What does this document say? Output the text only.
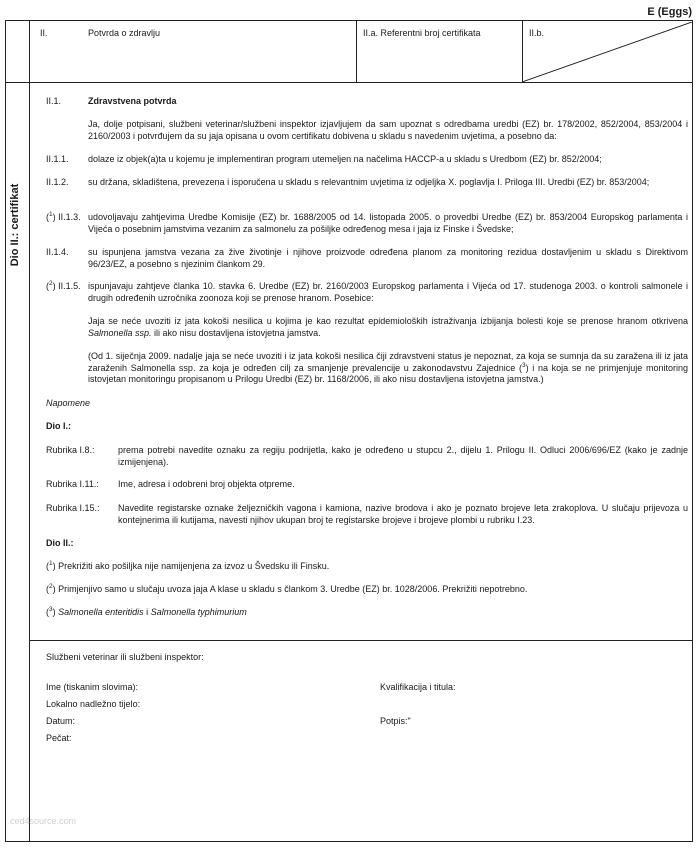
E (Eggs)
Dio II.: certifikat
II.	Potvrda o zdravlju	II.a. Referentni broj certifikata	II.b.
II.1.	Zdravstvena potvrda
Ja, dolje potpisani, službeni veterinar/službeni inspektor izjavljujem da sam upoznat s odredbama uredbi (EZ) br. 178/2002, 852/2004, 853/2004 i 2160/2003 i potvrđujem da su jaja opisana u ovom certifikatu dobivena u skladu s navedenim uvjetima, a posebno da:
II.1.1. dolaze iz objek(a)ta u kojemu je implementiran program utemeljen na načelima HACCP-a u skladu s Uredbom (EZ) br. 852/2004;
II.1.2. su držana, skladištena, prevezena i isporučena u skladu s relevantnim uvjetima iz odjeljka X. poglavlja I. Priloga III. Uredbi (EZ) br. 853/2004;
($^1$) II.1.3. udovoljavaju zahtjevima Uredbe Komisije (EZ) br. 1688/2005 od 14. listopada 2005. o provedbi Uredbe (EZ) br. 853/2004 Europskog parlamenta i Vijeća o posebnim jamstvima vezanim za salmonelu za pošiljke određenog mesa i jaja iz Finske i Švedske;
II.1.4. su ispunjena jamstva vezana za žive životinje i njihove proizvode određena planom za monitoring rezidua dostavljenim u skladu s Direktivom 96/23/EZ, a posebno s njezinim člankom 29.
($^2$) II.1.5. ispunjavaju zahtjeve članka 10. stavka 6. Uredbe (EZ) br. 2160/2003 Europskog parlamenta i Vijeća od 17. studenoga 2003. o kontroli salmonele i drugih određenih uzročnika zoonoza koji se prenose hranom. Posebice:
Jaja se neće uvoziti iz jata kokoši nesilica u kojima je kao rezultat epidemioloških istraživanja izbijanja bolesti koje se prenose hranom otkrivena Salmonella ssp. ili ako nisu dostavljena istovjetna jamstva.
(Od 1. siječnja 2009. nadalje jaja se neće uvoziti i iz jata kokoši nesilica čiji zdravstveni status je nepoznat, za koja se sumnja da su zaražena ili iz jata zaraženih Salmonella ssp. za koja je određen cilj za smanjenje prevalencije u zakonodavstvu Zajednice ($^3$) i na koja se ne primjenjuje monitoring istovjetan monitoringu propisanom u Prilogu Uredbi (EZ) br. 1168/2006, ili ako nisu dostavljena istovjetna jamstva.)
Napomene
Dio I.:
Rubrika I.8.:	prema potrebi navedite oznaku za regiju podrijetla, kako je određeno u stupcu 2., dijelu 1. Prilogu II. Odluci 2006/696/EZ (kako je zadnje izmijenjena).
Rubrika I.11.: Ime, adresa i odobreni broj objekta otpreme.
Rubrika I.15.: Navedite registarske oznake željezničkih vagona i kamiona, nazive brodova i ako je poznato brojeve leta zrakoplova. U slučaju prijevoza u kontejnerima ili kutijama, navesti njihov ukupan broj te registarske brojeve i brojeve plombi u rubriku I.23.
Dio II.:
($^1$) Prekrižiti ako pošiljka nije namijenjena za izvoz u Švedsku ili Finsku.
($^2$) Primjenjivo samo u slučaju uvoza jaja A klase u skladu s člankom 3. Uredbe (EZ) br. 1028/2006. Prekrižiti nepotrebno.
($^3$) Salmonella enteritidis i Salmonella typhimurium
Službeni veterinar ili službeni inspektor:
Ime (tiskanim slovima):	Kvalifikacija i titula:
Lokalno nadležno tijelo:
Datum:	Potpis:"
Pečat:
ced4source.com
